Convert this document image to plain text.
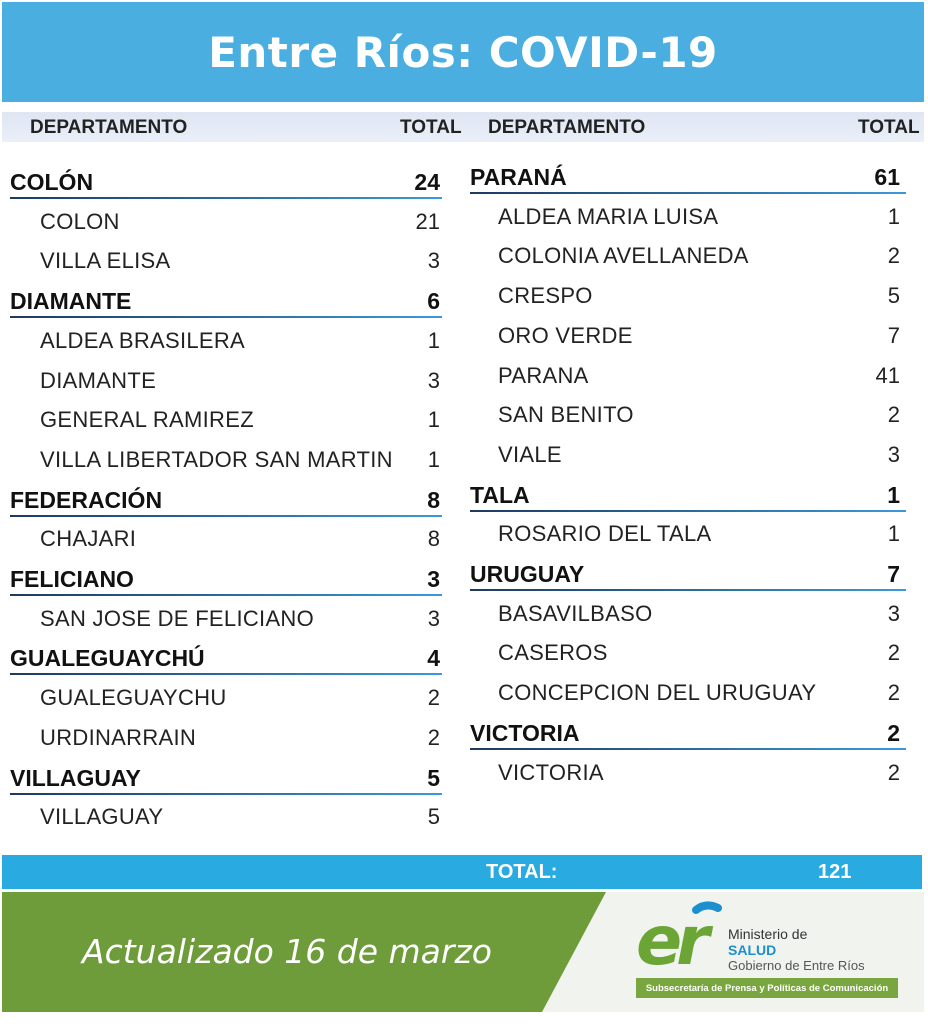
Entre Ríos: COVID-19
DEPARTAMENTO	TOTAL DEPARTAMENTO	TOTAL
COLÓN	24
COLON	21
VILLA ELISA	3
DIAMANTE	6
ALDEA BRASILERA	1
DIAMANTE	3
GENERAL RAMIREZ	1
VILLA LIBERTADOR SAN MARTIN 1
FEDERACIÓN	8
CHAJARI	8
FELICIANO	3
SAN JOSE DE FELICIANO	3
GUALEGUAYCHÚ	4
GUALEGUAYCHU	2
URDINARRAIN	2
VILLAGUAY	5
VILLAGUAY	5
PARANÁ	61
ALDEA MARIA LUISA	1
COLONIA AVELLANEDA	2
CRESPO	5
ORO VERDE	7
PARANA	41
SAN BENITO	2
VIALE	3
TALA	1
ROSARIO DEL TALA	1
URUGUAY	7
BASAVILBASO	3
CASEROS	2
CONCEPCION DEL URUGUAY	2
VICTORIA	2
VICTORIA	2
TOTAL:	121
Actualizado 16 de marzo er	Ministerio de
SALUD
Gobierno de Entre Ríos
Subsecretaría de Prensa y Políticas de Comunicación
